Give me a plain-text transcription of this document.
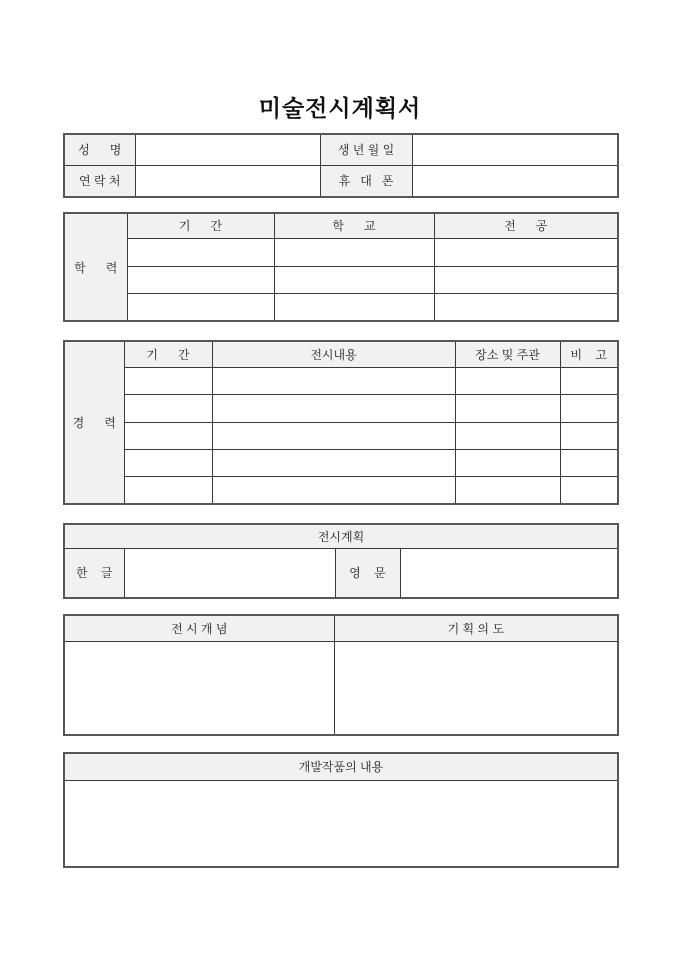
미술전시계획서
성      명		생 년 월 일	
연 락 처		휴   대   폰	
학      력	기      간	학      교	전      공

경      력	기      간	전시내용	장소 및 주관	비    고

전시계획
한    글		영    문	
전 시 개 념	기 획 의 도

개발작품의 내용
